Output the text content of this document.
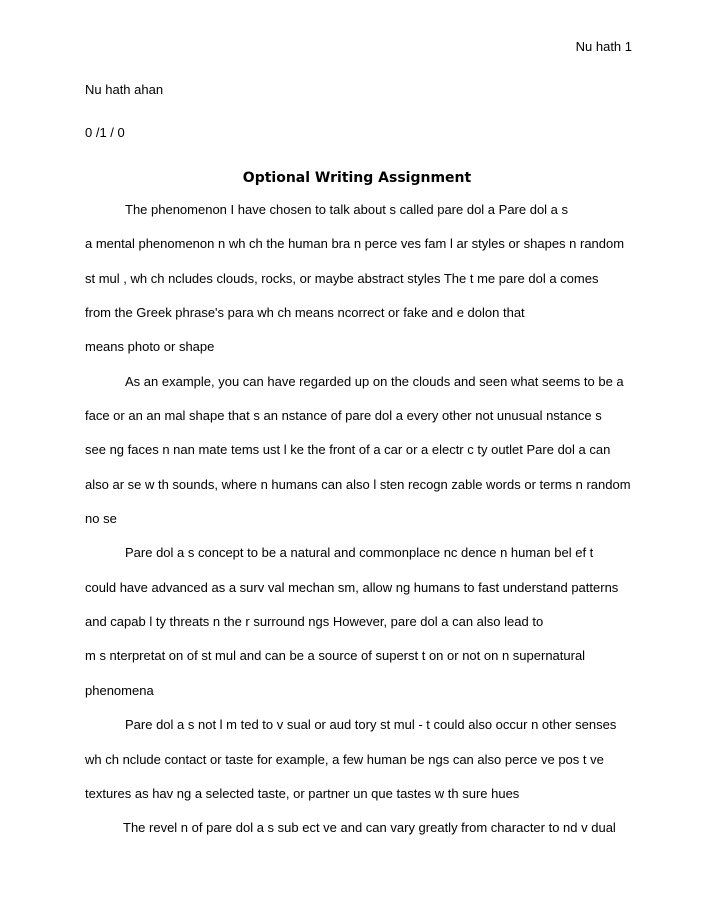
Nu hath 1
Nu hath ahan
0 /1 / 0
Optional Writing Assignment
The phenomenon I have chosen to talk about s called pare dol a Pare dol a s
a mental phenomenon n wh ch the human bra n perce ves fam l ar styles or shapes n random
st mul , wh ch ncludes clouds, rocks, or maybe abstract styles The t me pare dol a comes
from the Greek phrase's para wh ch means ncorrect or fake and e dolon that
means photo or shape
As an example, you can have regarded up on the clouds and seen what seems to be a
face or an an mal shape that s an nstance of pare dol a every other not unusual nstance s
see ng faces n nan mate tems ust l ke the front of a car or a electr c ty outlet Pare dol a can
also ar se w th sounds, where n humans can also l sten recogn zable words or terms n random
no se
Pare dol a s concept to be a natural and commonplace nc dence n human bel ef t
could have advanced as a surv val mechan sm, allow ng humans to fast understand patterns
and capab l ty threats n the r surround ngs However, pare dol a can also lead to
m s nterpretat on of st mul and can be a source of superst t on or not on n supernatural
phenomena
Pare dol a s not l m ted to v sual or aud tory st mul - t could also occur n other senses
wh ch nclude contact or taste for example, a few human be ngs can also perce ve pos t ve
textures as hav ng a selected taste, or partner un que tastes w th sure hues
The revel n of pare dol a s sub ect ve and can vary greatly from character to nd v dual
